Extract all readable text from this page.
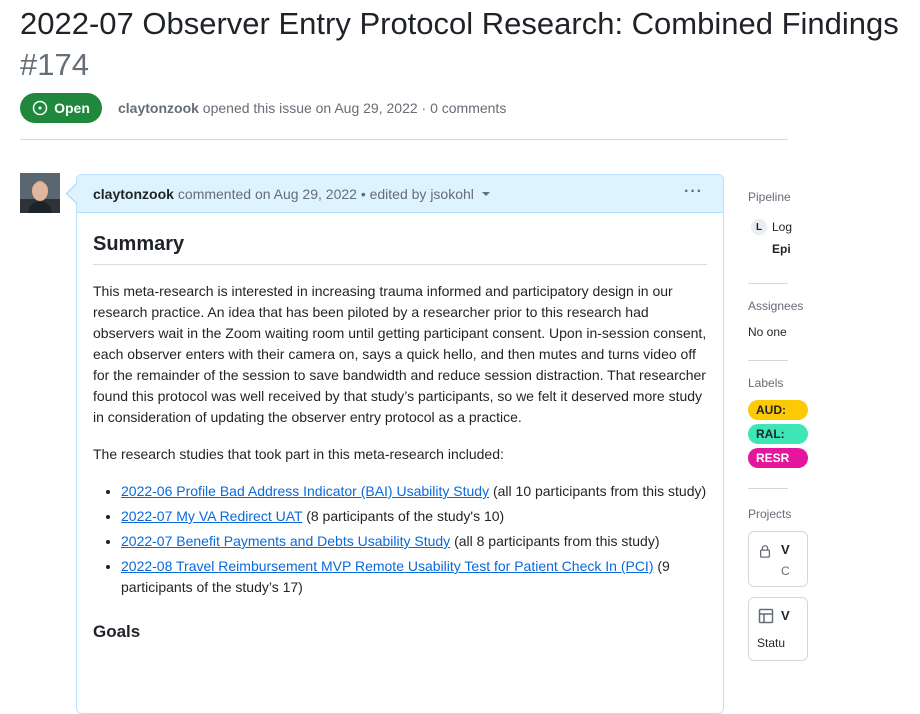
2022-07 Observer Entry Protocol Research: Combined Findings
#174
Open claytonzook opened this issue on Aug 29, 2022 · 0 comments
claytonzook commented on Aug 29, 2022 • edited by jsokohl	···
Summary

This meta-research is interested in increasing trauma informed and participatory design in our research practice. An idea that has been piloted by a researcher prior to this research had observers wait in the Zoom waiting room until getting participant consent. Upon in-session consent, each observer enters with their camera on, says a quick hello, and then mutes and turns video off for the remainder of the session to save bandwidth and reduce session distraction. That researcher found this protocol was well received by that study’s participants, so we felt it deserved more study in consideration of updating the observer entry protocol as a practice.

The research studies that took part in this meta-research included:

• 2022-06 Profile Bad Address Indicator (BAI) Usability Study (all 10 participants from this study)
• 2022-07 My VA Redirect UAT (8 participants of the study's 10)
• 2022-07 Benefit Payments and Debts Usability Study (all 8 participants from this study)
• 2022-08 Travel Reimbursement MVP Remote Usability Test for Patient Check In (PCI) (9 participants of the study’s 17)
Goals
Pipeline
L Log
Epi
Assignees
No one
Labels
AUD:
RAL:
RESR
Projects
V
C
V
Statu
